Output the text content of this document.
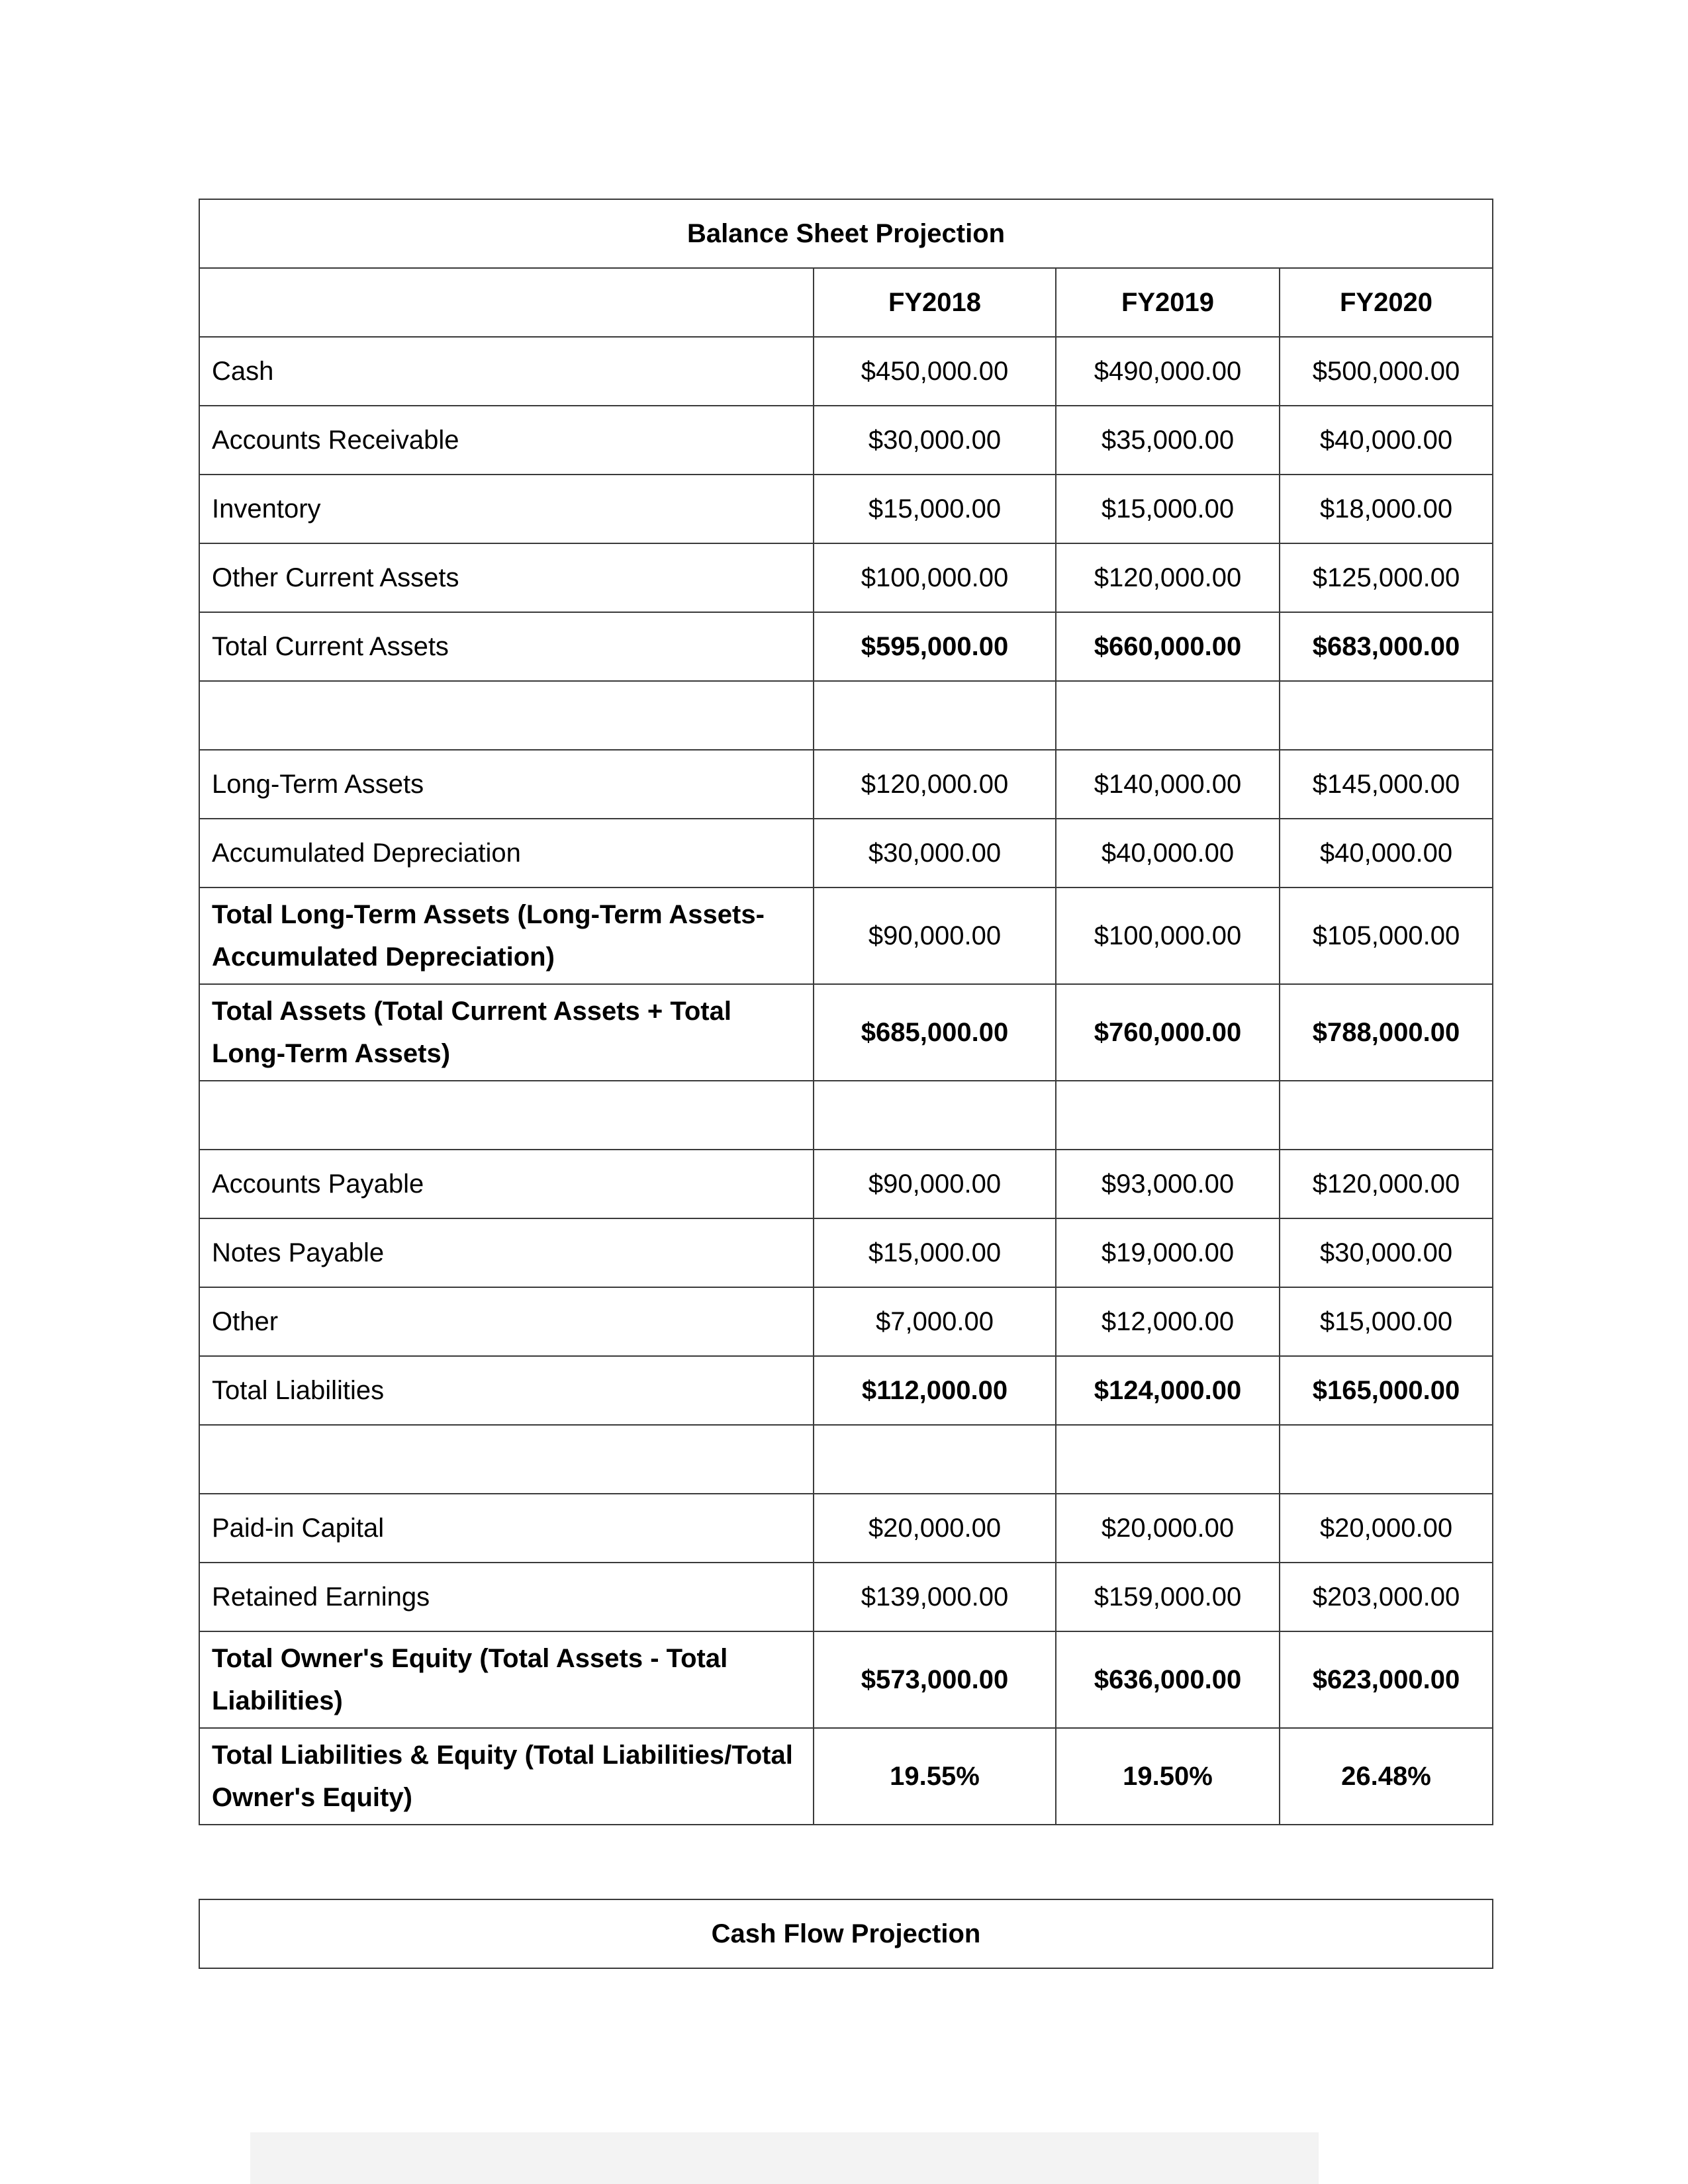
Balance Sheet Projection			
	FY2018	FY2019	FY2020
Cash	$450,000.00	$490,000.00	$500,000.00
Accounts Receivable	$30,000.00	$35,000.00	$40,000.00
Inventory	$15,000.00	$15,000.00	$18,000.00
Other Current Assets	$100,000.00	$120,000.00	$125,000.00
Total Current Assets	$595,000.00	$660,000.00	$683,000.00

Long-Term Assets	$120,000.00	$140,000.00	$145,000.00
Accumulated Depreciation	$30,000.00	$40,000.00	$40,000.00
Total Long-Term Assets (Long-Term Assets-Accumulated Depreciation)	$90,000.00	$100,000.00	$105,000.00
Total Assets (Total Current Assets + Total Long-Term Assets)	$685,000.00	$760,000.00	$788,000.00

Accounts Payable	$90,000.00	$93,000.00	$120,000.00
Notes Payable	$15,000.00	$19,000.00	$30,000.00
Other	$7,000.00	$12,000.00	$15,000.00
Total Liabilities	$112,000.00	$124,000.00	$165,000.00

Paid-in Capital	$20,000.00	$20,000.00	$20,000.00
Retained Earnings	$139,000.00	$159,000.00	$203,000.00
Total Owner's Equity (Total Assets - Total Liabilities)	$573,000.00	$636,000.00	$623,000.00
Total Liabilities & Equity (Total Liabilities/Total Owner's Equity)	19.55%	19.50%	26.48%
Cash Flow Projection
